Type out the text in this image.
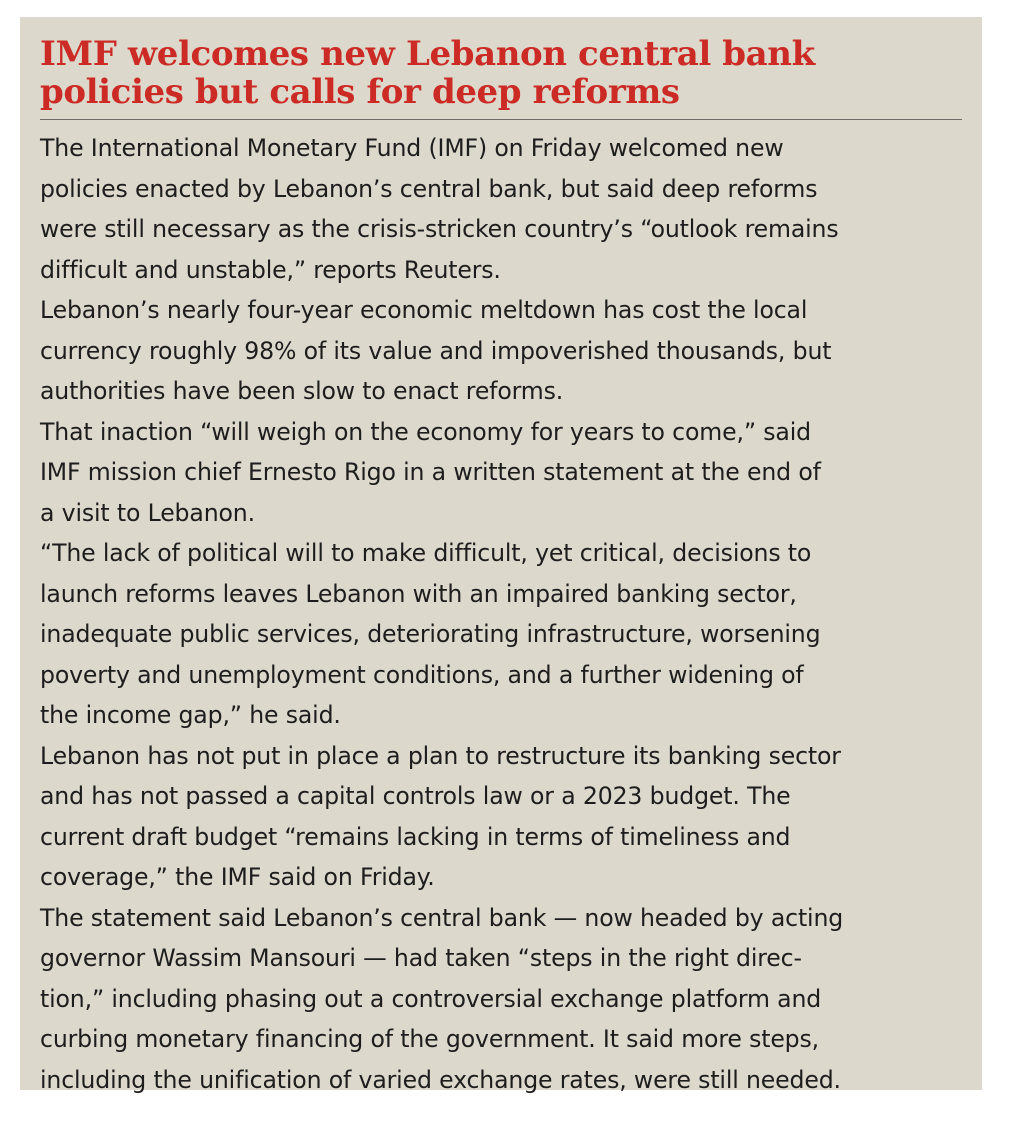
IMF welcomes new Lebanon central bank
policies but calls for deep reforms

The International Monetary Fund (IMF) on Friday welcomed new
policies enacted by Lebanon’s central bank, but said deep reforms
were still necessary as the crisis-stricken country’s “outlook remains
difficult and unstable,” reports Reuters.

Lebanon’s nearly four-year economic meltdown has cost the local
currency roughly 98% of its value and impoverished thousands, but
authorities have been slow to enact reforms.

That inaction “will weigh on the economy for years to come,” said
IMF mission chief Ernesto Rigo in a written statement at the end of
a visit to Lebanon.

“The lack of political will to make difficult, yet critical, decisions to
launch reforms leaves Lebanon with an impaired banking sector,
inadequate public services, deteriorating infrastructure, worsening
poverty and unemployment conditions, and a further widening of
the income gap,” he said.

Lebanon has not put in place a plan to restructure its banking sector
and has not passed a capital controls law or a 2023 budget. The
current draft budget “remains lacking in terms of timeliness and
coverage,” the IMF said on Friday.

The statement said Lebanon’s central bank — now headed by acting
governor Wassim Mansouri — had taken “steps in the right direc-
tion,” including phasing out a controversial exchange platform and
curbing monetary financing of the government. It said more steps,
including the unification of varied exchange rates, were still needed.
